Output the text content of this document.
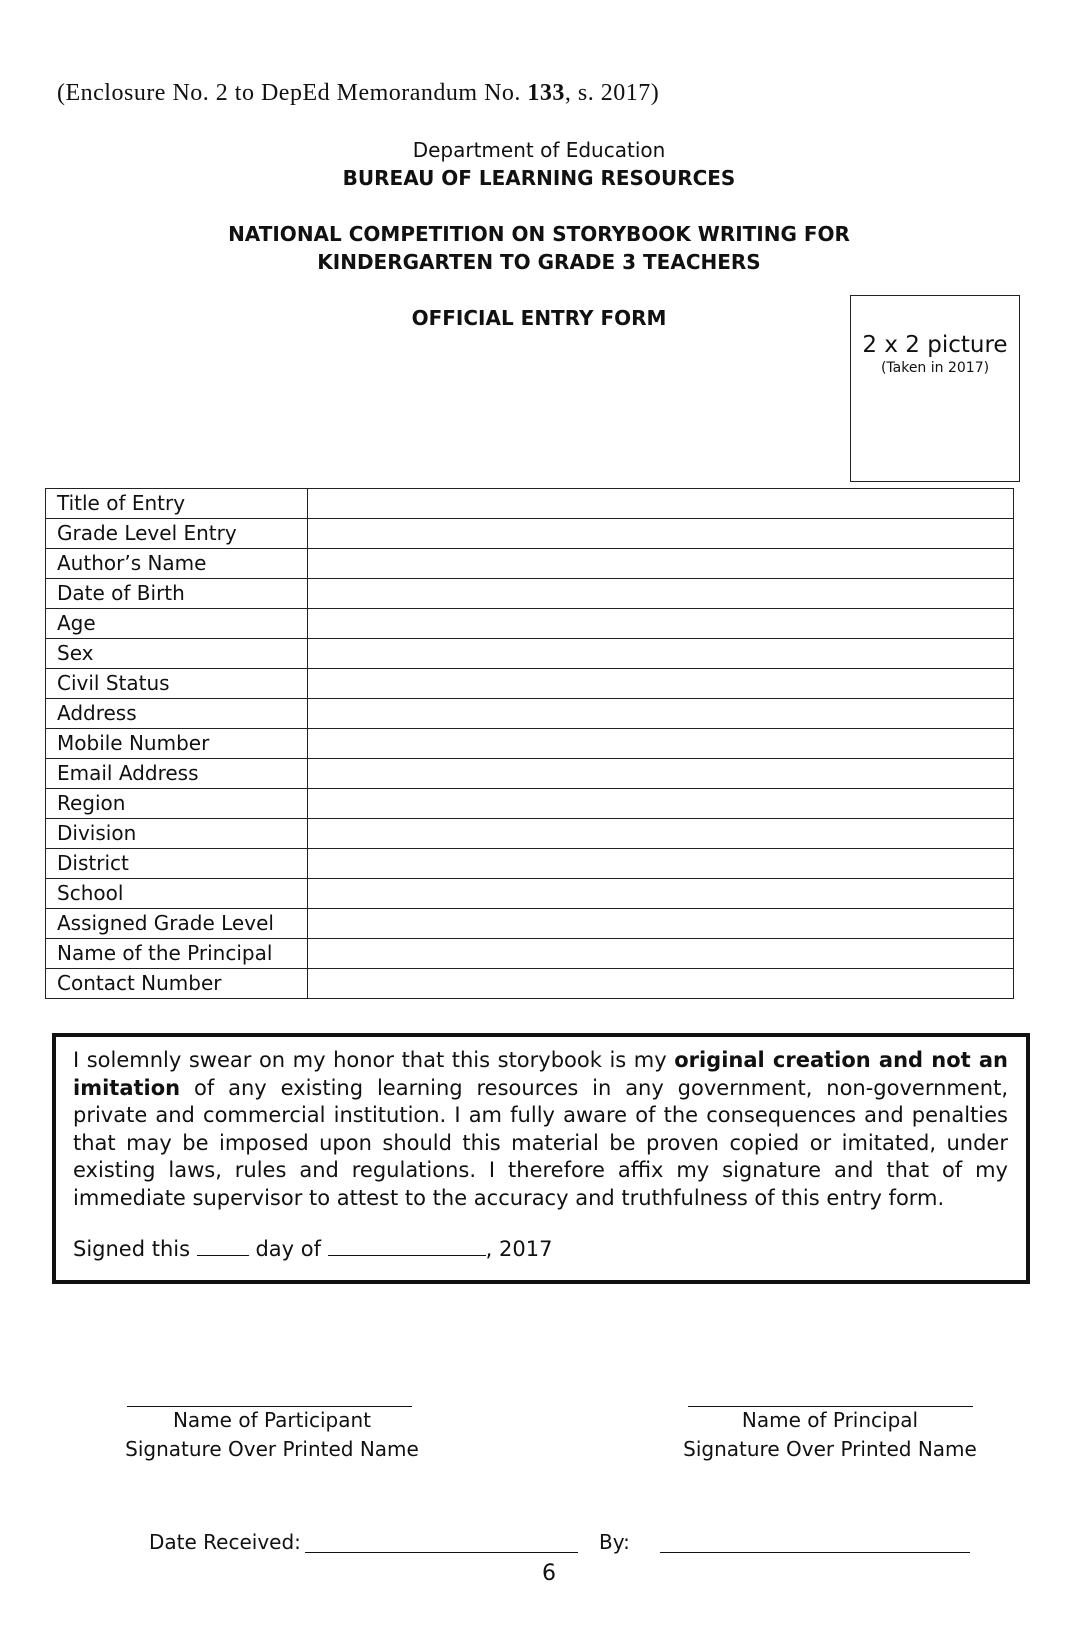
(Enclosure No. 2 to DepEd Memorandum No. 133, s. 2017)
Department of Education
BUREAU OF LEARNING RESOURCES
NATIONAL COMPETITION ON STORYBOOK WRITING FOR
KINDERGARTEN TO GRADE 3 TEACHERS
OFFICIAL ENTRY FORM
2 x 2 picture
(Taken in 2017)
Title of Entry	
Grade Level Entry	
Author’s Name	
Date of Birth	
Age	
Sex	
Civil Status	
Address	
Mobile Number	
Email Address	
Region	
Division	
District	
School	
Assigned Grade Level	
Name of the Principal	
Contact Number	

I solemnly swear on my honor that this storybook is my original creation and not an imitation of any existing learning resources in any government, non-government, private and commercial institution. I am fully aware of the consequences and penalties that may be imposed upon should this material be proven copied or imitated, under existing laws, rules and regulations. I therefore affix my signature and that of my immediate supervisor to attest to the accuracy and truthfulness of this entry form.

Signed this	day of	, 2017
Name of Participant
Signature Over Printed Name
Name of Principal
Signature Over Printed Name
Date Received:	By:
6
